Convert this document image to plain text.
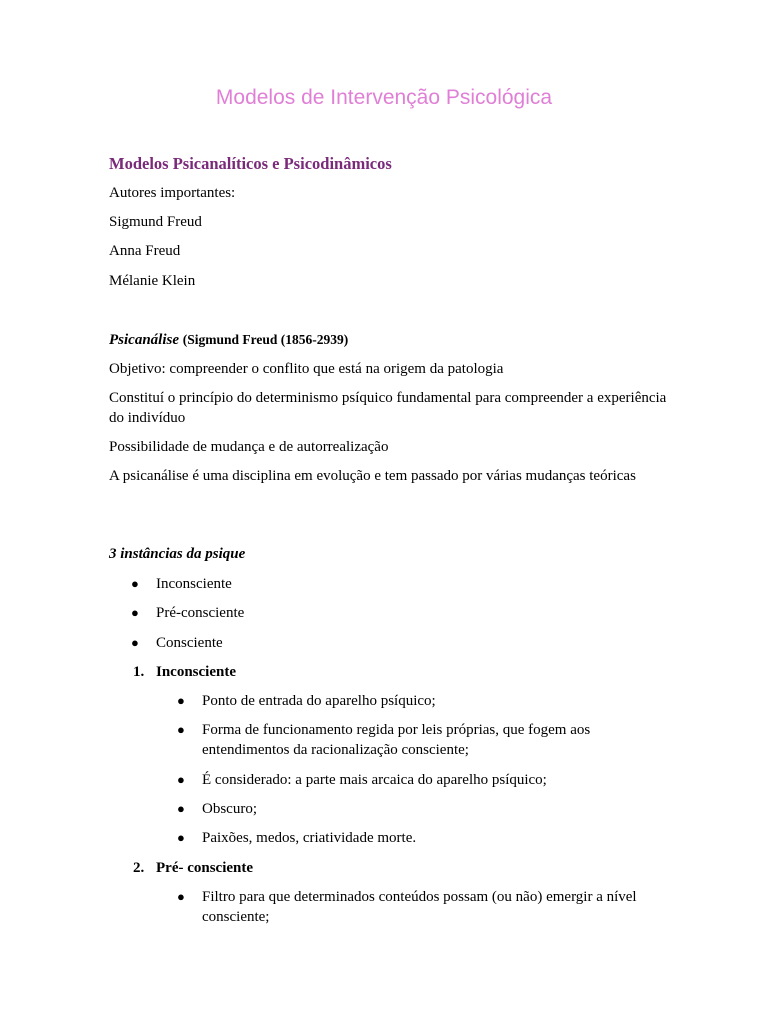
Modelos de Intervenção Psicológica
Modelos Psicanalíticos e Psicodinâmicos

Autores importantes:

Sigmund Freud

Anna Freud

Mélanie Klein

Psicanálise (Sigmund Freud (1856-2939)

Objetivo: compreender o conflito que está na origem da patologia

Constituí o princípio do determinismo psíquico fundamental para compreender a experiência do indivíduo

Possibilidade de mudança e de autorrealização

A psicanálise é uma disciplina em evolução e tem passado por várias mudanças teóricas

3 instâncias da psique

● Inconsciente

● Pré-consciente

● Consciente

1. Inconsciente

● Ponto de entrada do aparelho psíquico;

● Forma de funcionamento regida por leis próprias, que fogem aos entendimentos da racionalização consciente;

● É considerado: a parte mais arcaica do aparelho psíquico;

● Obscuro;

● Paixões, medos, criatividade morte.

2. Pré- consciente

● Filtro para que determinados conteúdos possam (ou não) emergir a nível consciente;
